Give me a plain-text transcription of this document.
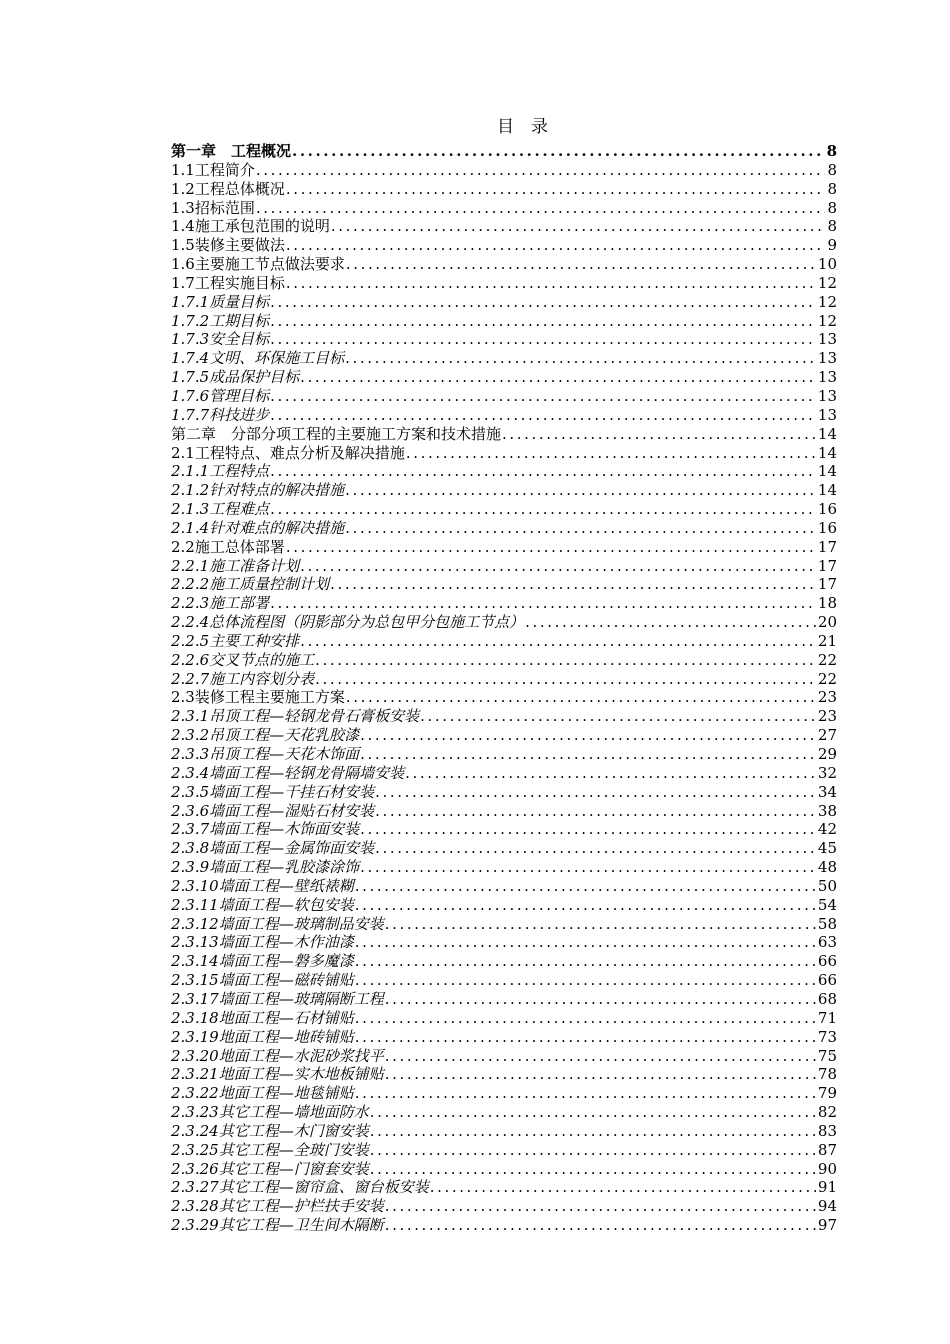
目　录
第一章　工程概况 .....	8
1.1工程简介 .....	8
1.2工程总体概况 .....	8
1.3招标范围 .....	8
1.4施工承包范围的说明 .....	8
1.5装修主要做法 .....	9
1.6主要施工节点做法要求 .....	10
1.7工程实施目标 .....	12
1.7.1质量目标 .....	12
1.7.2工期目标 .....	12
1.7.3安全目标 .....	13
1.7.4文明、环保施工目标 .....	13
1.7.5成品保护目标 .....	13
1.7.6管理目标 .....	13
1.7.7科技进步 .....	13
第二章　分部分项工程的主要施工方案和技术措施 .....	14
2.1工程特点、难点分析及解决措施 .....	14
2.1.1工程特点 .....	14
2.1.2针对特点的解决措施 .....	14
2.1.3工程难点 .....	16
2.1.4针对难点的解决措施 .....	16
2.2施工总体部署 .....	17
2.2.1施工准备计划 .....	17
2.2.2施工质量控制计划 .....	17
2.2.3施工部署 .....	18
2.2.4总体流程图（阴影部分为总包甲分包施工节点） .....	20
2.2.5主要工种安排 .....	21
2.2.6交叉节点的施工 .....	22
2.2.7施工内容划分表 .....	22
2.3装修工程主要施工方案 .....	23
2.3.1吊顶工程—轻钢龙骨石膏板安装 .....	23
2.3.2吊顶工程—天花乳胶漆 .....	27
2.3.3吊顶工程—天花木饰面 .....	29
2.3.4墙面工程—轻钢龙骨隔墙安装 .....	32
2.3.5墙面工程—干挂石材安装 .....	34
2.3.6墙面工程—湿贴石材安装 .....	38
2.3.7墙面工程—木饰面安装 .....	42
2.3.8墙面工程—金属饰面安装 .....	45
2.3.9墙面工程—乳胶漆涂饰 .....	48
2.3.10墙面工程—壁纸裱糊 .....	50
2.3.11墙面工程—软包安装 .....	54
2.3.12墙面工程—玻璃制品安装 .....	58
2.3.13墙面工程—木作油漆 .....	63
2.3.14墙面工程—磐多魔漆 .....	66
2.3.15墙面工程—磁砖铺贴 .....	66
2.3.17墙面工程—玻璃隔断工程 .....	68
2.3.18地面工程—石材铺贴 .....	71
2.3.19地面工程—地砖铺贴 .....	73
2.3.20地面工程—水泥砂浆找平 .....	75
2.3.21地面工程—实木地板铺贴 .....	78
2.3.22地面工程—地毯铺贴 .....	79
2.3.23其它工程—墙地面防水 .....	82
2.3.24其它工程—木门窗安装 .....	83
2.3.25其它工程—全玻门安装 .....	87
2.3.26其它工程—门窗套安装 .....	90
2.3.27其它工程—窗帘盒、窗台板安装 .....	91
2.3.28其它工程—护栏扶手安装 .....	94
2.3.29其它工程—卫生间木隔断 .....	97
